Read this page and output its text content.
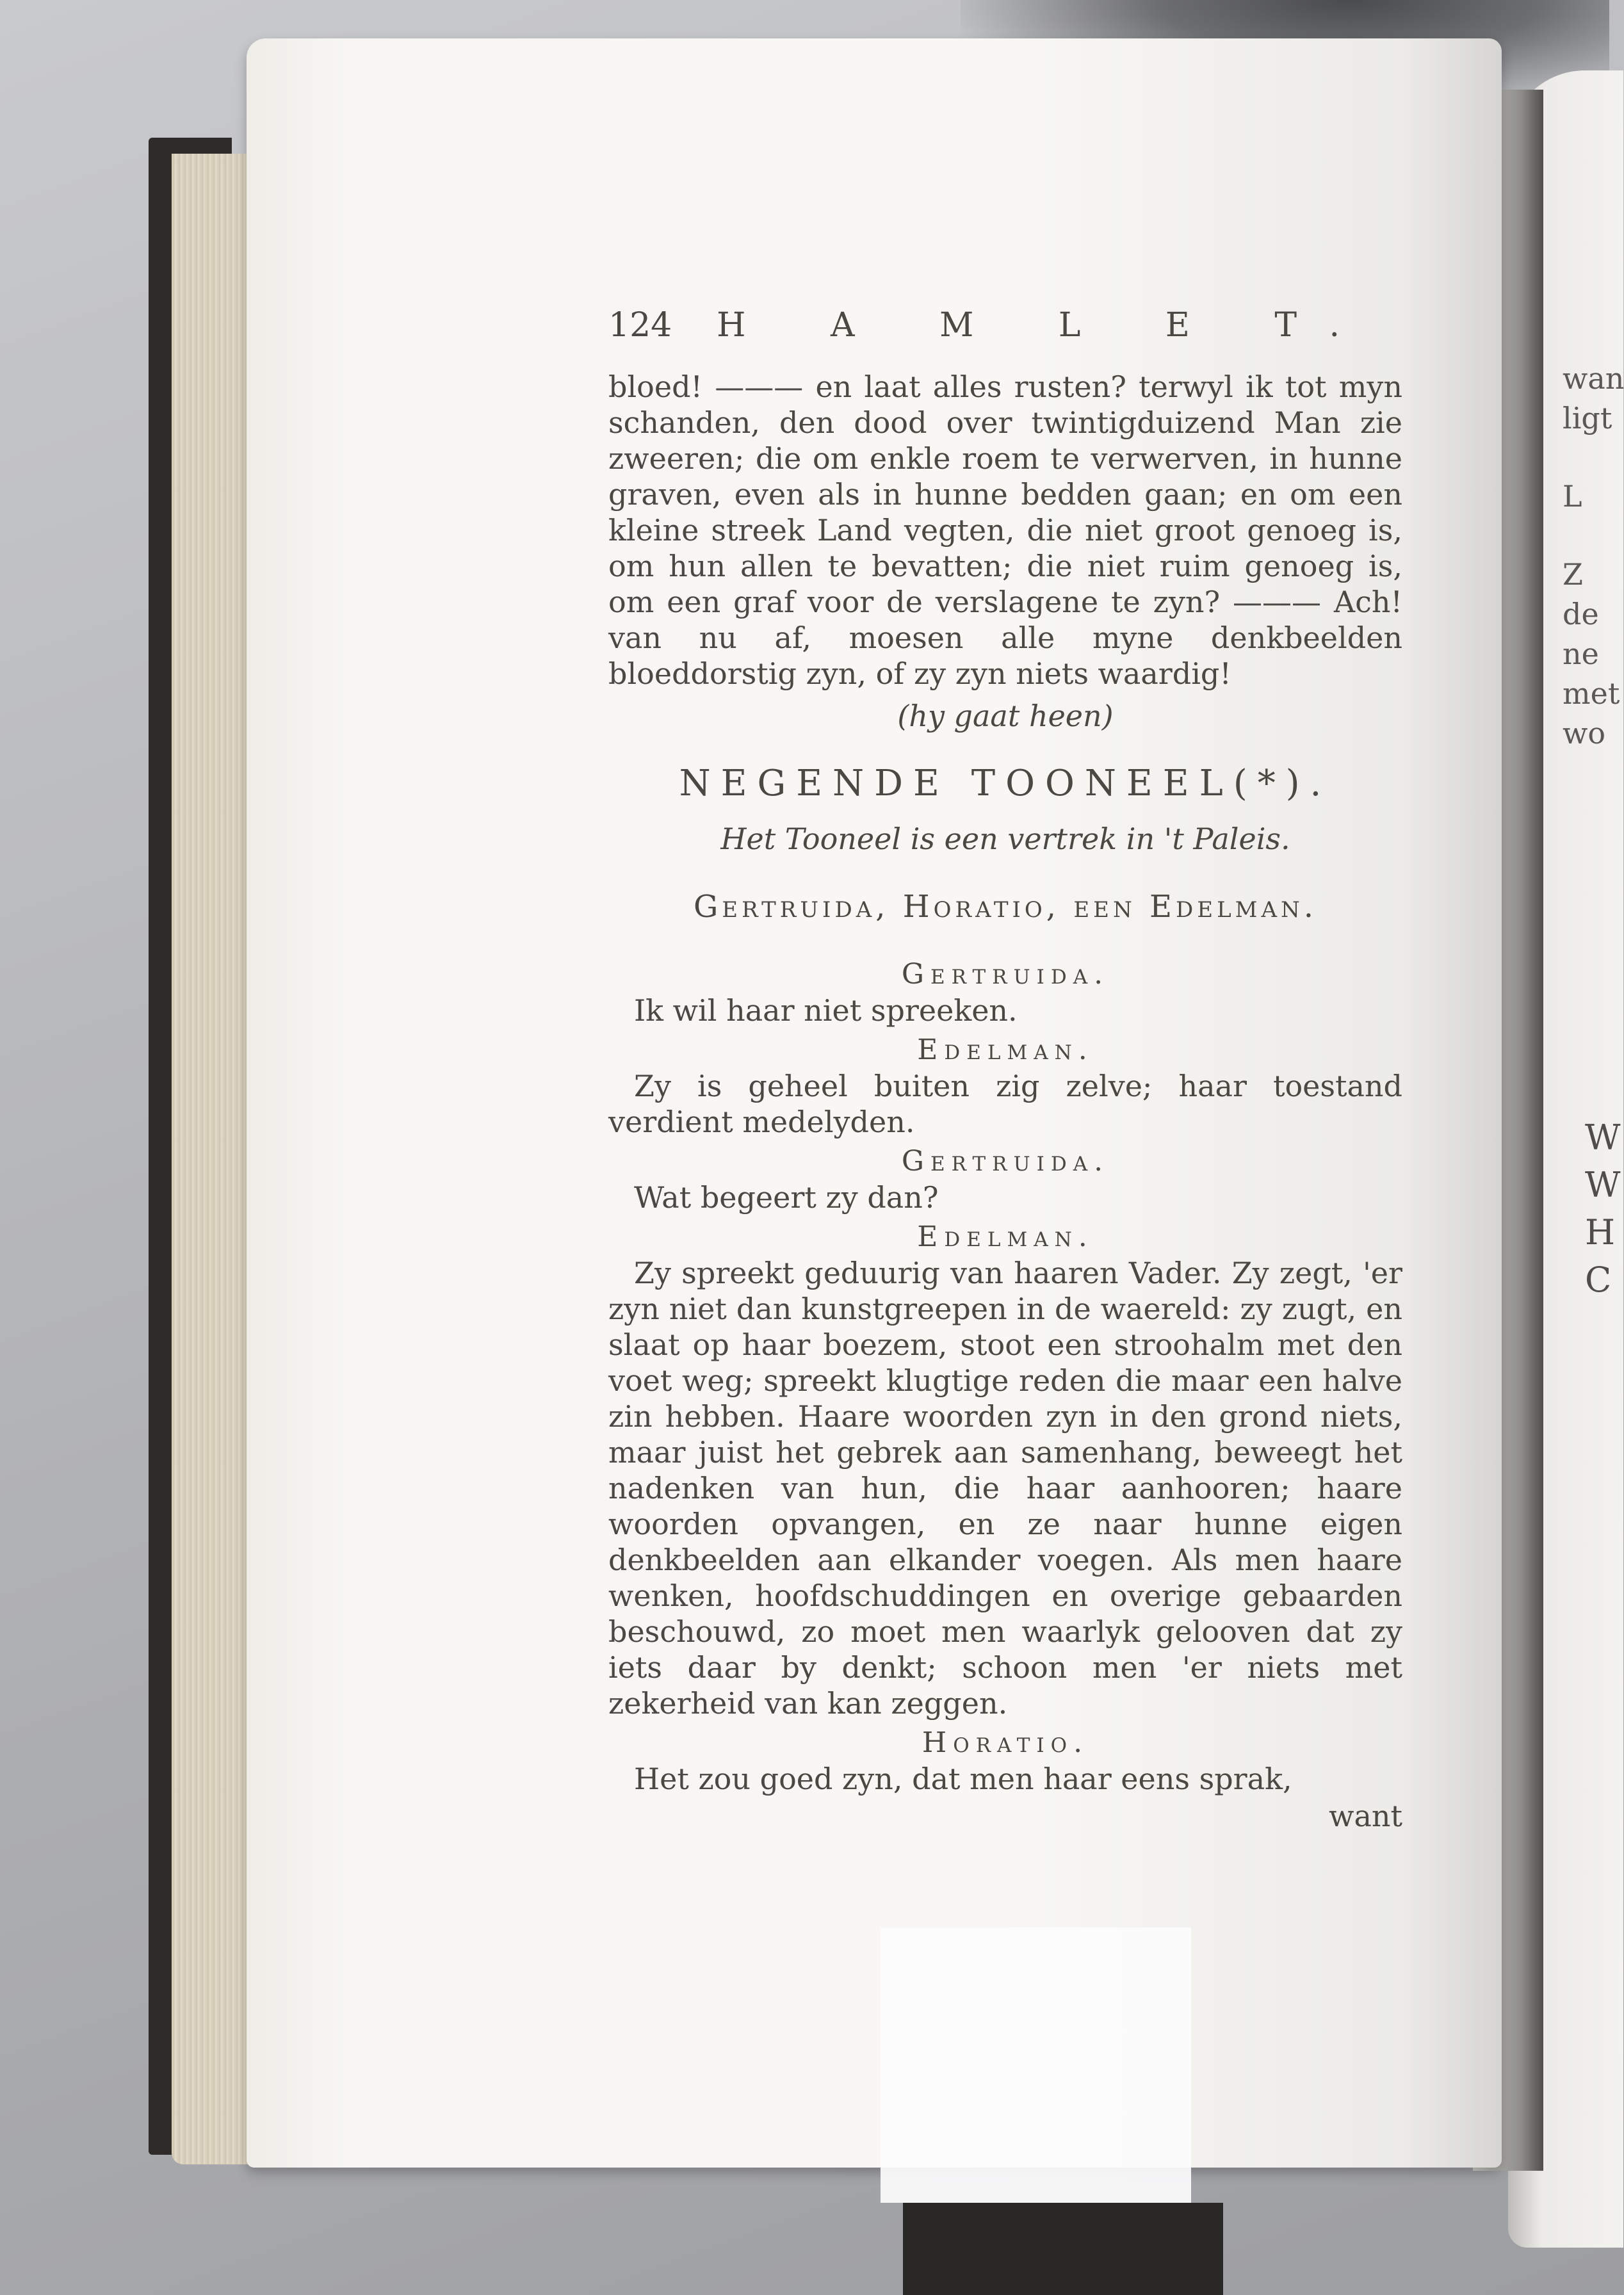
wan
ligt
L
Z
de
ne
met
wo
W
W
H
C
124 H A M L E T.

bloed! ——— en laat alles rusten? terwyl ik tot myn schanden, den dood over twintigduizend Man zie zweeren; die om enkle roem te verwerven, in hunne graven, even als in hunne bedden gaan; en om een kleine streek Land vegten, die niet groot genoeg is, om hun allen te bevatten; die niet ruim genoeg is, om een graf voor de verslagene te zyn? ——— Ach! van nu af, moesen alle myne denkbeelden bloeddorstig zyn, of zy zyn niets waardig!

(hy gaat heen)
NEGENDE TOONEEL(*).
Het Tooneel is een vertrek in 't Paleis.
Gertruida, Horatio, een Edelman.
Gertruida.

Ik wil haar niet spreeken.

Edelman.

Zy is geheel buiten zig zelve; haar toestand verdient medelyden.

Gertruida.

Wat begeert zy dan?

Edelman.

Zy spreekt geduurig van haaren Vader. Zy zegt, 'er zyn niet dan kunstgreepen in de waereld: zy zugt, en slaat op haar boezem, stoot een stroohalm met den voet weg; spreekt klugtige reden die maar een halve zin hebben. Haare woorden zyn in den grond niets, maar juist het gebrek aan samenhang, beweegt het nadenken van hun, die haar aanhooren; haare woorden opvangen, en ze naar hunne eigen denkbeelden aan elkander voegen. Als men haare wenken, hoofdschuddingen en overige gebaarden beschouwd, zo moet men waarlyk gelooven dat zy iets daar by denkt; schoon men 'er niets met zekerheid van kan zeggen.

Horatio.

Het zou goed zyn, dat men haar eens sprak,

want
